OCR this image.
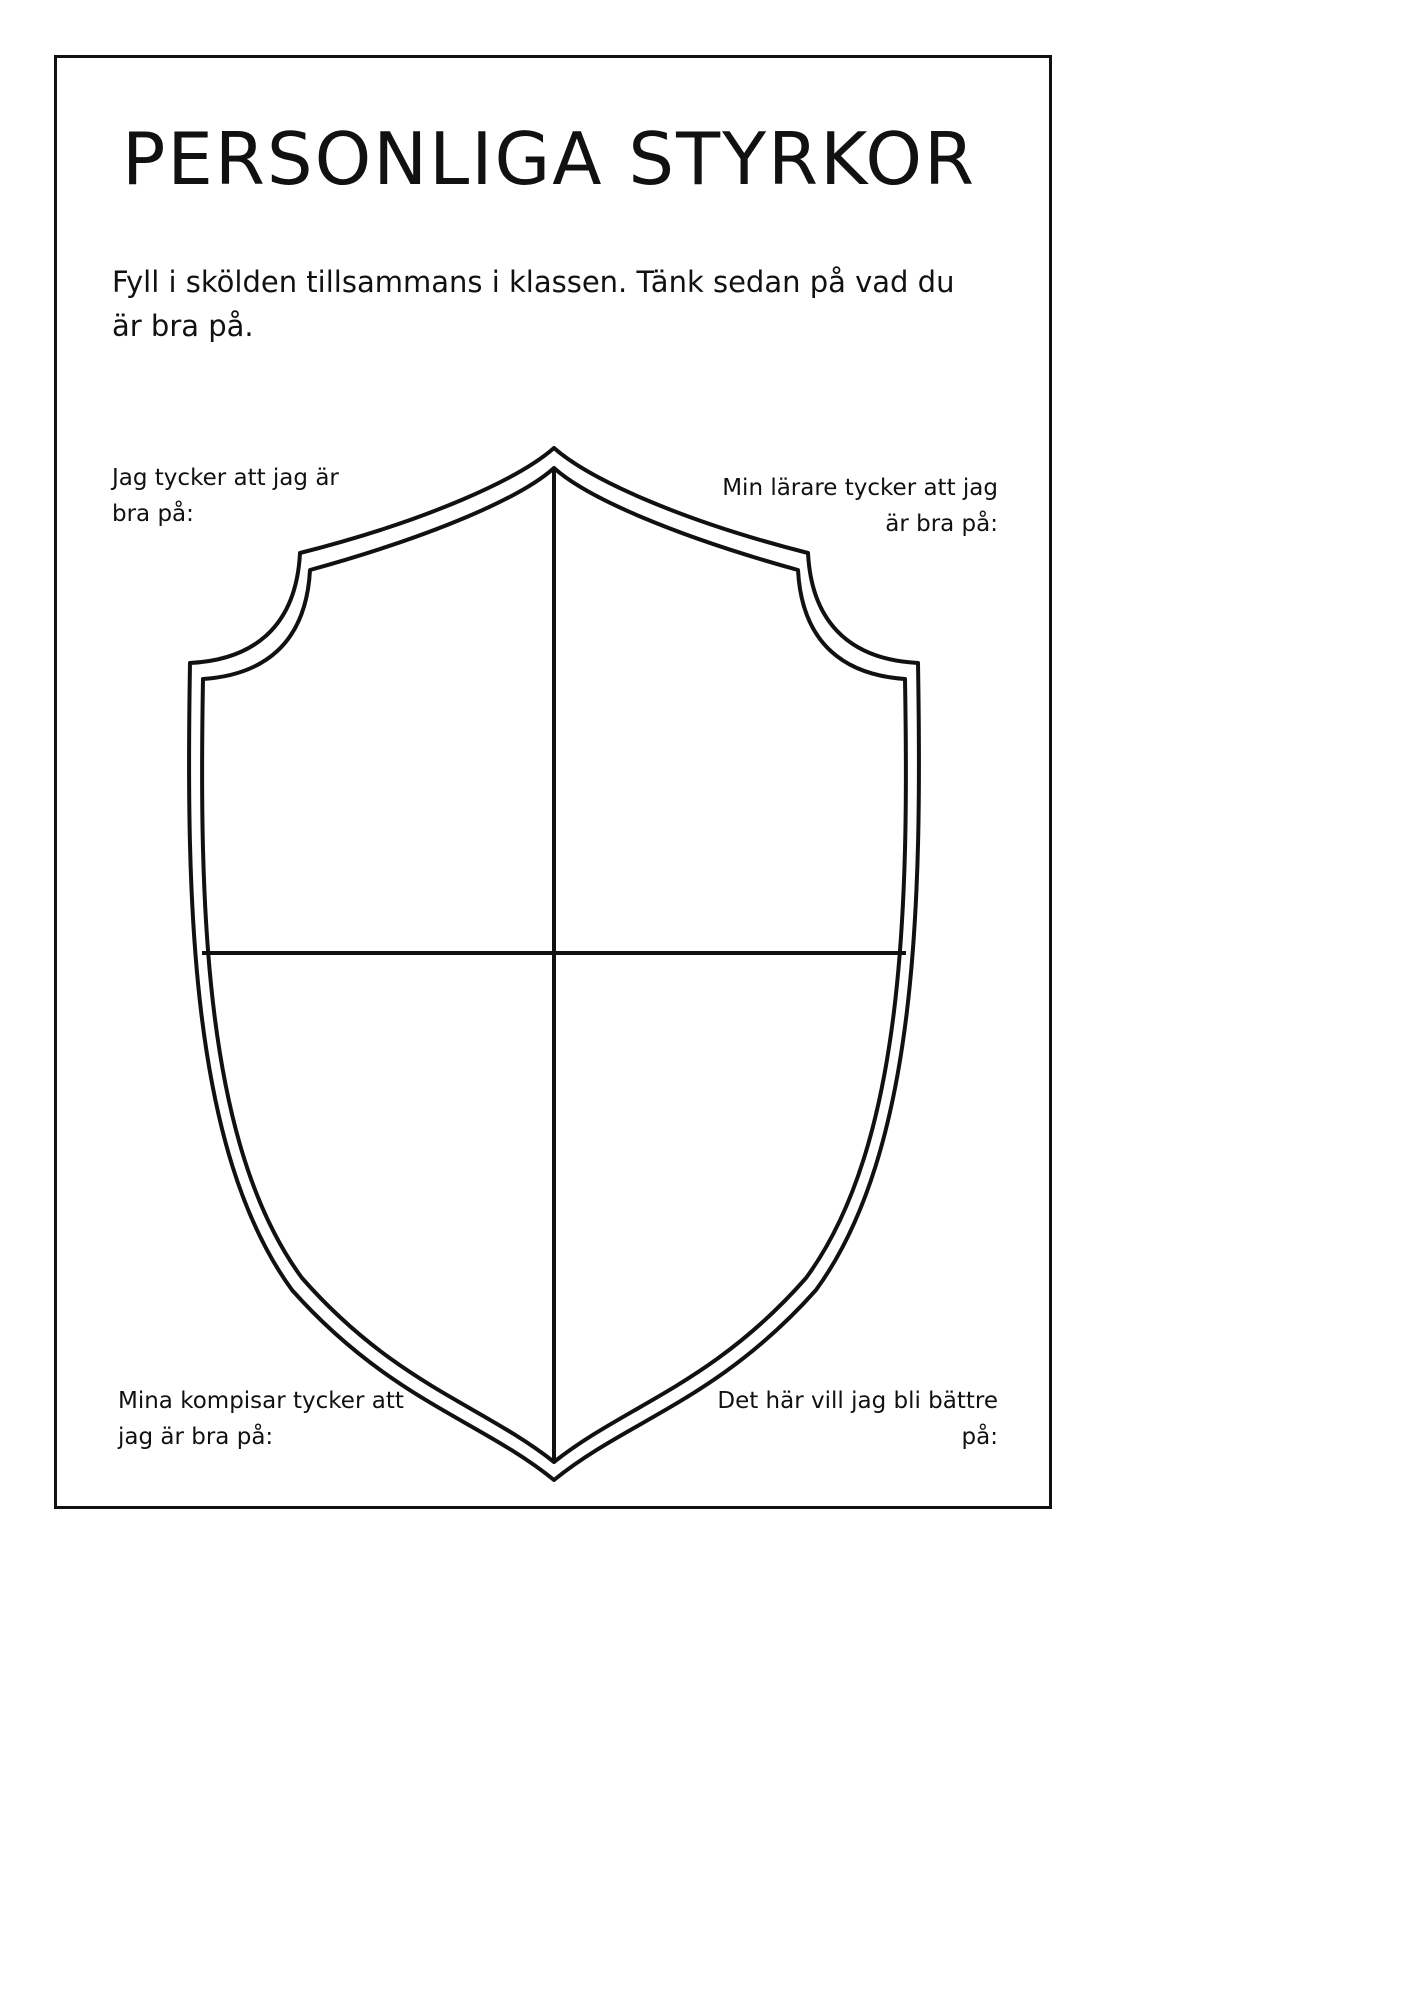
PERSONLIGA STYRKOR

Fyll i skölden tillsammans i klassen. Tänk sedan på vad du är bra på.

Jag tycker att jag är bra på:

Min lärare tycker att jag är bra på:

Mina kompisar tycker att jag är bra på:

Det här vill jag bli bättre på:
